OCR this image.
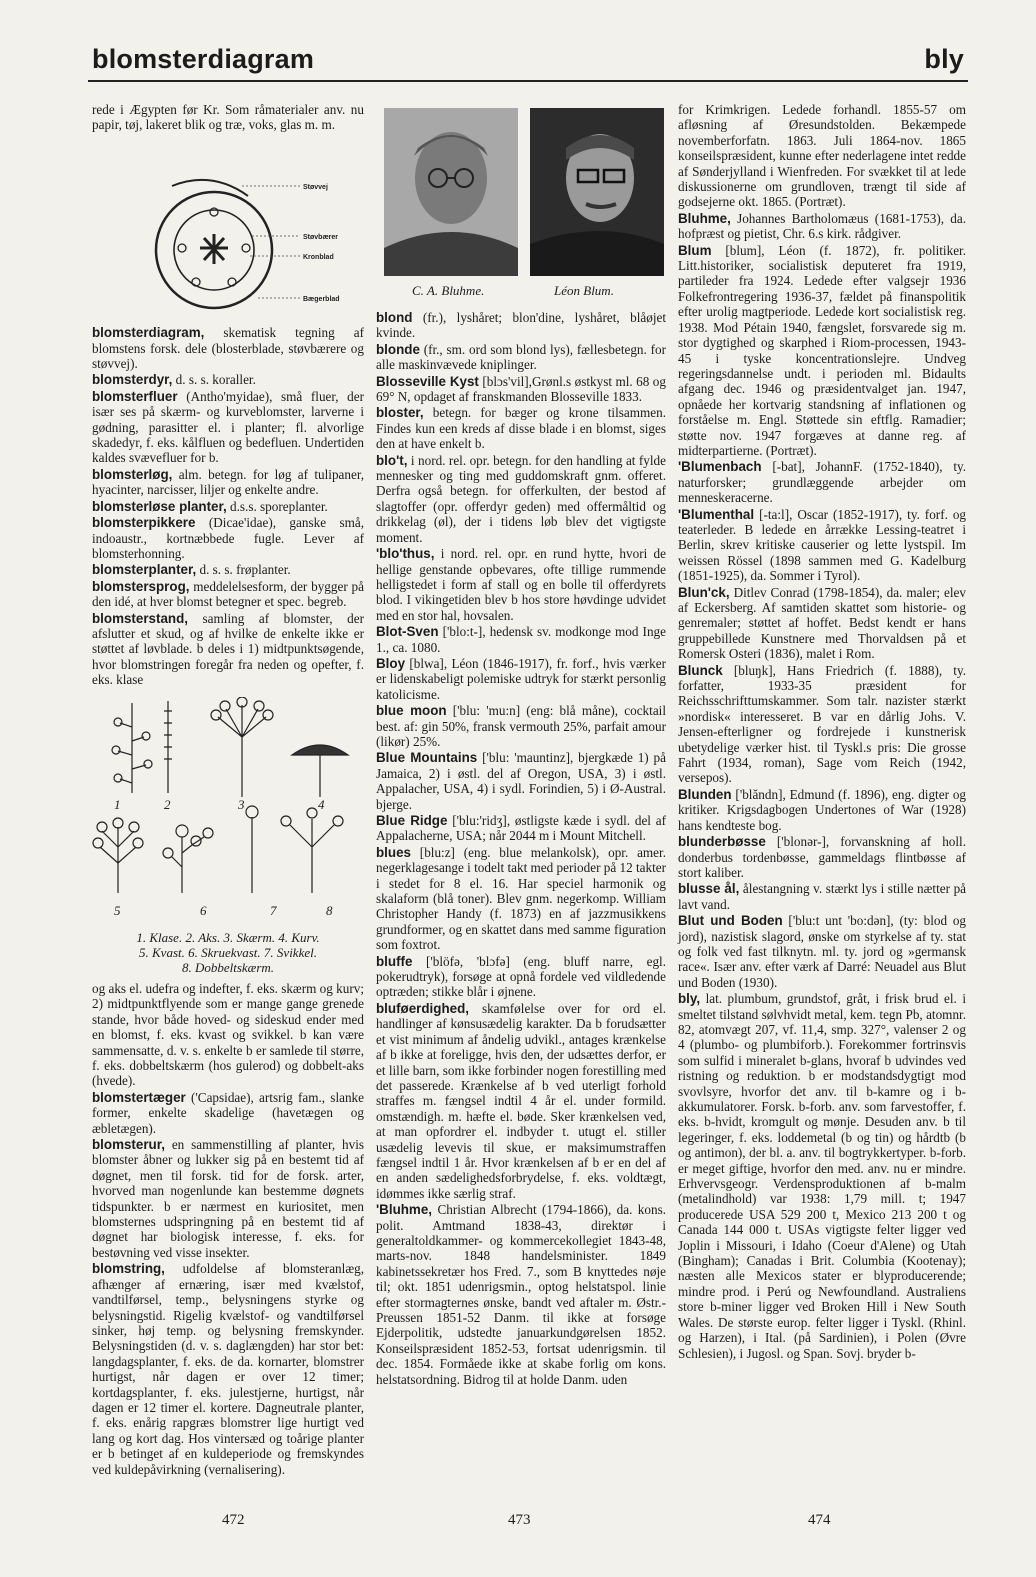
blomsterdiagram	bly
rede i Ægypten før Kr. Som råmaterialer anv. nu papir, tøj, lakeret blik og træ, voks, glas m. m.
Støvvej
Støvbærer
Kronblad
Bægerblad
blomsterdiagram, skematisk tegning af blomstens forsk. dele (blosterblade, støvbærere og støvvej).
blomsterdyr, d. s. s. koraller.
blomsterfluer (Antho'myidae), små fluer, der især ses på skærm- og kurveblomster, larverne i gødning, parasitter el. i planter; fl. alvorlige skadedyr, f. eks. kålfluen og bedefluen. Undertiden kaldes svævefluer for b.
blomsterløg, alm. betegn. for løg af tulipaner, hyacinter, narcisser, liljer og enkelte andre.
blomsterløse planter, d.s.s. sporeplanter.
blomsterpikkere (Dicae'idae), ganske små, indoaustr., kortnæbbede fugle. Lever af blomsterhonning.
blomsterplanter, d. s. s. frøplanter.
blomstersprog, meddelelsesform, der bygger på den idé, at hver blomst betegner et spec. begreb.
blomsterstand, samling af blomster, der afslutter et skud, og af hvilke de enkelte ikke er støttet af løvblade. b deles i 1) midtpunktsøgende, hvor blomstringen foregår fra neden og opefter, f. eks. klase
1	2	3	4
5	6	7	8
1. Klase. 2. Aks. 3. Skærm. 4. Kurv.
5. Kvast. 6. Skruekvast. 7. Svikkel.
8. Dobbeltskærm.
og aks el. udefra og indefter, f. eks. skærm og kurv; 2) midtpunktflyende som er mange gange grenede stande, hvor både hoved- og sideskud ender med en blomst, f. eks. kvast og svikkel. b kan være sammensatte, d. v. s. enkelte b er samlede til større, f. eks. dobbeltskærm (hos gulerod) og dobbelt-aks (hvede).
blomstertæger ('Capsidae), artsrig fam., slanke former, enkelte skadelige (havetægen og æbletægen).
blomsterur, en sammenstilling af planter, hvis blomster åbner og lukker sig på en bestemt tid af døgnet, men til forsk. tid for de forsk. arter, hvorved man nogenlunde kan bestemme døgnets tidspunkter. b er nærmest en kuriositet, men blomsternes udspringning på en bestemt tid af døgnet har biologisk interesse, f. eks. for bestøvning ved visse insekter.
blomstring, udfoldelse af blomsteranlæg, afhænger af ernæring, især med kvælstof, vandtilførsel, temp., belysningens styrke og belysningstid. Rigelig kvælstof- og vandtilførsel sinker, høj temp. og belysning fremskynder. Belysningstiden (d. v. s. daglængden) har stor bet: langdagsplanter, f. eks. de da. kornarter, blomstrer hurtigst, når dagen er over 12 timer; kortdagsplanter, f. eks. julestjerne, hurtigst, når dagen er 12 timer el. kortere. Dagneutrale planter, f. eks. enårig rapgræs blomstrer lige hurtigt ved lang og kort dag. Hos vintersæd og toårige planter er b betinget af en kuldeperiode og fremskyndes ved kuldepåvirkning (vernalisering).
C. A. Bluhme.	Léon Blum.
blond (fr.), lyshåret; blon'dine, lyshåret, blåøjet kvinde.
blonde (fr., sm. ord som blond lys), fællesbetegn. for alle maskinvævede kniplinger.
Blosseville Kyst [blɔs'vil],Grønl.s østkyst ml. 68 og 69° N, opdaget af franskmanden Blosseville 1833.
bloster, betegn. for bæger og krone tilsammen. Findes kun een kreds af disse blade i en blomst, siges den at have enkelt b.
blo't, i nord. rel. opr. betegn. for den handling at fylde mennesker og ting med guddomskraft gnm. offeret. Derfra også betegn. for offerkulten, der bestod af slagtoffer (opr. offerdyr geden) med offermåltid og drikkelag (øl), der i tidens løb blev det vigtigste moment.
'blo'thus, i nord. rel. opr. en rund hytte, hvori de hellige genstande opbevares, ofte tillige rummende helligstedet i form af stall og en bolle til offerdyrets blod. I vikingetiden blev b hos store høvdinge udvidet med en stor hal, hovsalen.
Blot-Sven ['blo:t-], hedensk sv. modkonge mod Inge 1., ca. 1080.
Bloy [blwa], Léon (1846-1917), fr. forf., hvis værker er lidenskabeligt polemiske udtryk for stærkt personlig katolicisme.
blue moon ['blu: 'mu:n] (eng: blå måne), cocktail best. af: gin 50%, fransk vermouth 25%, parfait amour (likør) 25%.
Blue Mountains ['blu: 'mauntinz], bjergkæde 1) på Jamaica, 2) i østl. del af Oregon, USA, 3) i østl. Appalacher, USA, 4) i sydl. Forindien, 5) i Ø-Austral. bjerge.
Blue Ridge ['blu:'ridʒ], østligste kæde i sydl. del af Appalacherne, USA; når 2044 m i Mount Mitchell.
blues [blu:z] (eng. blue melankolsk), opr. amer. negerklagesange i todelt takt med perioder på 12 takter i stedet for 8 el. 16. Har speciel harmonik og skalaform (blå toner). Blev gnm. negerkomp. William Christopher Handy (f. 1873) en af jazzmusikkens grundformer, og en skattet dans med samme figuration som foxtrot.
bluffe ['blöfə, 'blɔfə] (eng. bluff narre, egl. pokerudtryk), forsøge at opnå fordele ved vildledende optræden; stikke blår i øjnene.
bluføerdighed, skamfølelse over for ord el. handlinger af kønsusædelig karakter. Da b forudsætter et vist minimum af åndelig udvikl., antages krænkelse af b ikke at foreligge, hvis den, der udsættes derfor, er et lille barn, som ikke forbinder nogen forestilling med det passerede. Krænkelse af b ved uterligt forhold straffes m. fængsel indtil 4 år el. under formild. omstændigh. m. hæfte el. bøde. Sker krænkelsen ved, at man opfordrer el. indbyder t. utugt el. stiller usædelig levevis til skue, er maksimumstraffen fængsel indtil 1 år. Hvor krænkelsen af b er en del af en anden sædelighedsforbrydelse, f. eks. voldtægt, idømmes ikke særlig straf.
'Bluhme, Christian Albrecht (1794-1866), da. kons. polit. Amtmand 1838-43, direktør i generaltoldkammer- og kommercekollegiet 1843-48, marts-nov. 1848 handelsminister. 1849 kabinetssekretær hos Fred. 7., som B knyttedes nøje til; okt. 1851 udenrigsmin., optog helstatspol. linie efter stormagternes ønske, bandt ved aftaler m. Østr.-Preussen 1851-52 Danm. til ikke at forsøge Ejderpolitik, udstedte januarkundgørelsen 1852. Konseilspræsident 1852-53, fortsat udenrigsmin. til dec. 1854. Formåede ikke at skabe forlig om kons. helstatsordning. Bidrog til at holde Danm. uden
for Krimkrigen. Ledede forhandl. 1855-57 om afløsning af Øresundstolden. Bekæmpede novemberforfatn. 1863. Juli 1864-nov. 1865 konseilspræsident, kunne efter nederlagene intet redde af Sønderjylland i Wienfreden. For svækket til at lede diskussionerne om grundloven, trængt til side af godsejerne okt. 1865. (Portræt).
Bluhme, Johannes Bartholomæus (1681-1753), da. hofpræst og pietist, Chr. 6.s kirk. rådgiver.
Blum [blum], Léon (f. 1872), fr. politiker. Litt.historiker, socialistisk deputeret fra 1919, partileder fra 1924. Ledede efter valgsejr 1936 Folkefrontregering 1936-37, fældet på finanspolitik efter urolig magtperiode. Ledede kort socialistisk reg. 1938. Mod Pétain 1940, fængslet, forsvarede sig m. stor dygtighed og skarphed i Riom-processen, 1943-45 i tyske koncentrationslejre. Undveg regeringsdannelse undt. i perioden ml. Bidaults afgang dec. 1946 og præsidentvalget jan. 1947, opnåede her kortvarig standsning af inflationen og forståelse m. Engl. Støttede sin eftflg. Ramadier; støtte nov. 1947 forgæves at danne reg. af midterpartierne. (Portræt).
'Blumenbach [-bat], JohannF. (1752-1840), ty. naturforsker; grundlæggende arbejder om menneskeracerne.
'Blumenthal [-ta:l], Oscar (1852-1917), ty. forf. og teaterleder. B ledede en årrække Lessing-teatret i Berlin, skrev kritiske causerier og lette lystspil. Im weissen Rössel (1898 sammen med G. Kadelburg (1851-1925), da. Sommer i Tyrol).
Blun'ck, Ditlev Conrad (1798-1854), da. maler; elev af Eckersberg. Af samtiden skattet som historie- og genremaler; støttet af hoffet. Bedst kendt er hans gruppebillede Kunstnere med Thorvaldsen på et Romersk Osteri (1836), malet i Rom.
Blunck [bluŋk], Hans Friedrich (f. 1888), ty. forfatter, 1933-35 præsident for Reichsschrifttumskammer. Som talr. nazister stærkt »nordisk« interesseret. B var en dårlig Johs. V. Jensen-efterligner og fordrejede i kunstnerisk ubetydelige værker hist. til Tyskl.s pris: Die grosse Fahrt (1934, roman), Sage vom Reich (1942, versepos).
Blunden ['blǎndn], Edmund (f. 1896), eng. digter og kritiker. Krigsdagbogen Undertones of War (1928) hans kendteste bog.
blunderbøsse ['blonər-], forvanskning af holl. donderbus tordenbøsse, gammeldags flintbøsse af stort kaliber.
blusse ål, ålestangning v. stærkt lys i stille nætter på lavt vand.
Blut und Boden ['blu:t unt 'bo:dən], (ty: blod og jord), nazistisk slagord, ønske om styrkelse af ty. stat og folk ved fast tilknytn. ml. ty. jord og »germansk race«. Især anv. efter værk af Darré: Neuadel aus Blut und Boden (1930).
bly, lat. plumbum, grundstof, gråt, i frisk brud el. i smeltet tilstand sølvhvidt metal, kem. tegn Pb, atomnr. 82, atomvægt 207, vf. 11,4, smp. 327°, valenser 2 og 4 (plumbo- og plumbiforb.). Forekommer fortrinsvis som sulfid i mineralet b-glans, hvoraf b udvindes ved ristning og reduktion. b er modstandsdygtigt mod svovlsyre, hvorfor det anv. til b-kamre og i b-akkumulatorer. Forsk. b-forb. anv. som farvestoffer, f. eks. b-hvidt, kromgult og mønje. Desuden anv. b til legeringer, f. eks. loddemetal (b og tin) og hårdtb (b og antimon), der bl. a. anv. til bogtrykkertyper. b-forb. er meget giftige, hvorfor den med. anv. nu er mindre. Erhvervsgeogr. Verdensproduktionen af b-malm (metalindhold) var 1938: 1,79 mill. t; 1947 producerede USA 529 200 t, Mexico 213 200 t og Canada 144 000 t. USAs vigtigste felter ligger ved Joplin i Missouri, i Idaho (Coeur d'Alene) og Utah (Bingham); Canadas i Brit. Columbia (Kootenay); næsten alle Mexicos stater er blyproducerende; mindre prod. i Perú og Newfoundland. Australiens store b-miner ligger ved Broken Hill i New South Wales. De største europ. felter ligger i Tyskl. (Rhinl. og Harzen), i Ital. (på Sardinien), i Polen (Øvre Schlesien), i Jugosl. og Span. Sovj. bryder b-
472	473	474
